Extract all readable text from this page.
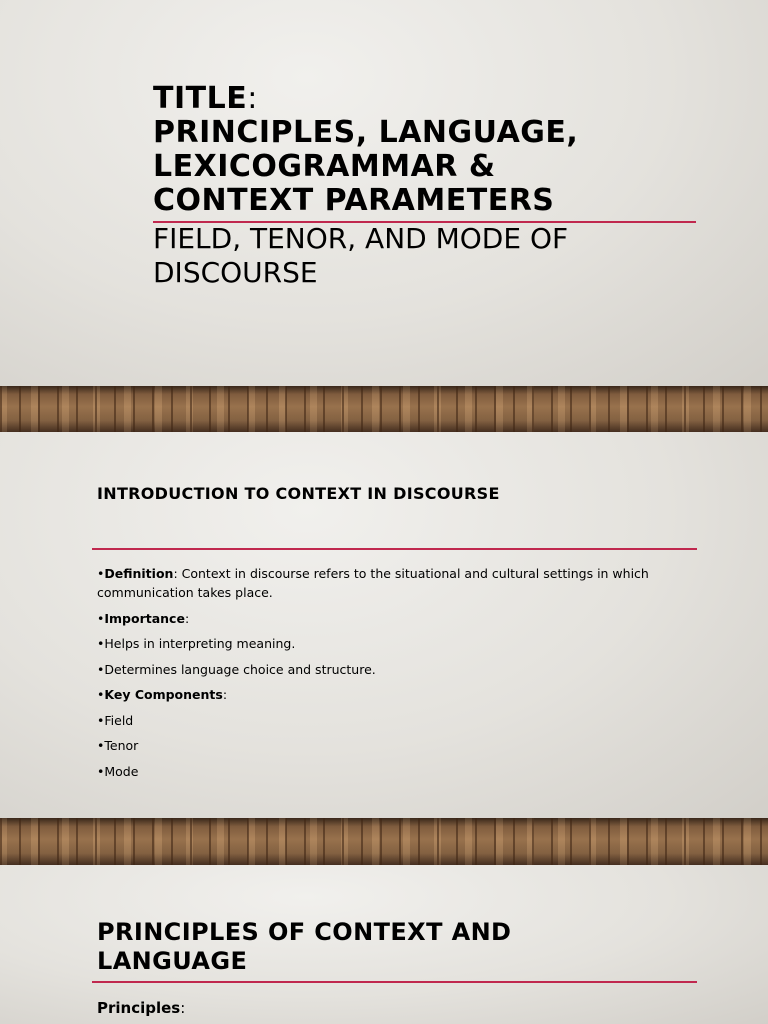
TITLE:
PRINCIPLES, LANGUAGE,
LEXICOGRAMMAR &
CONTEXT PARAMETERS
FIELD, TENOR, AND MODE OF
DISCOURSE
INTRODUCTION TO CONTEXT IN DISCOURSE
•Definition: Context in discourse refers to the situational and cultural settings in which communication takes place.
•Importance:
•Helps in interpreting meaning.
•Determines language choice and structure.
•Key Components:
•Field
•Tenor
•Mode
PRINCIPLES OF CONTEXT AND
LANGUAGE
Principles:
